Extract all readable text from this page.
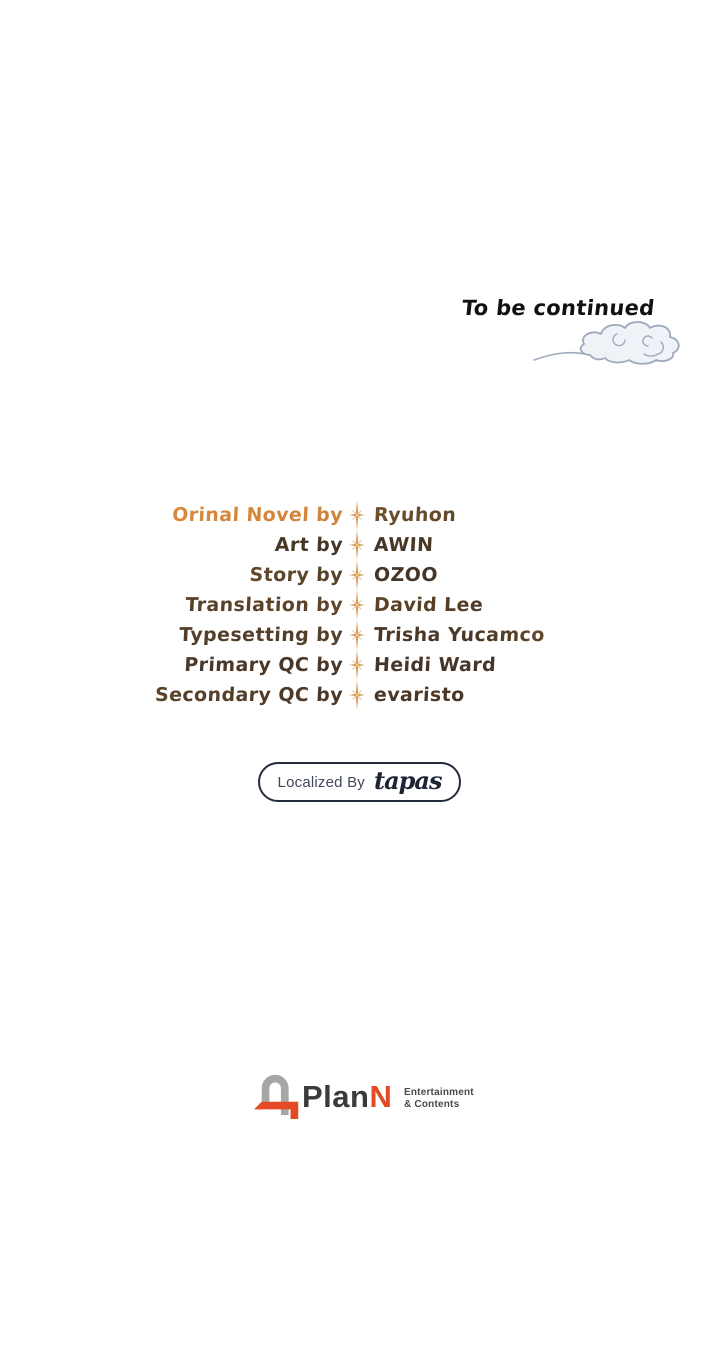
To be continued
Orinal Novel by	Ryuhon
Art by	AWIN
Story by	OZOO
Translation by	David Lee
Typesetting by	Trisha Yucamco
Primary QC by	Heidi Ward
Secondary QC by	evaristo
Localized By tapas
PlanN Entertainment
& Contents
